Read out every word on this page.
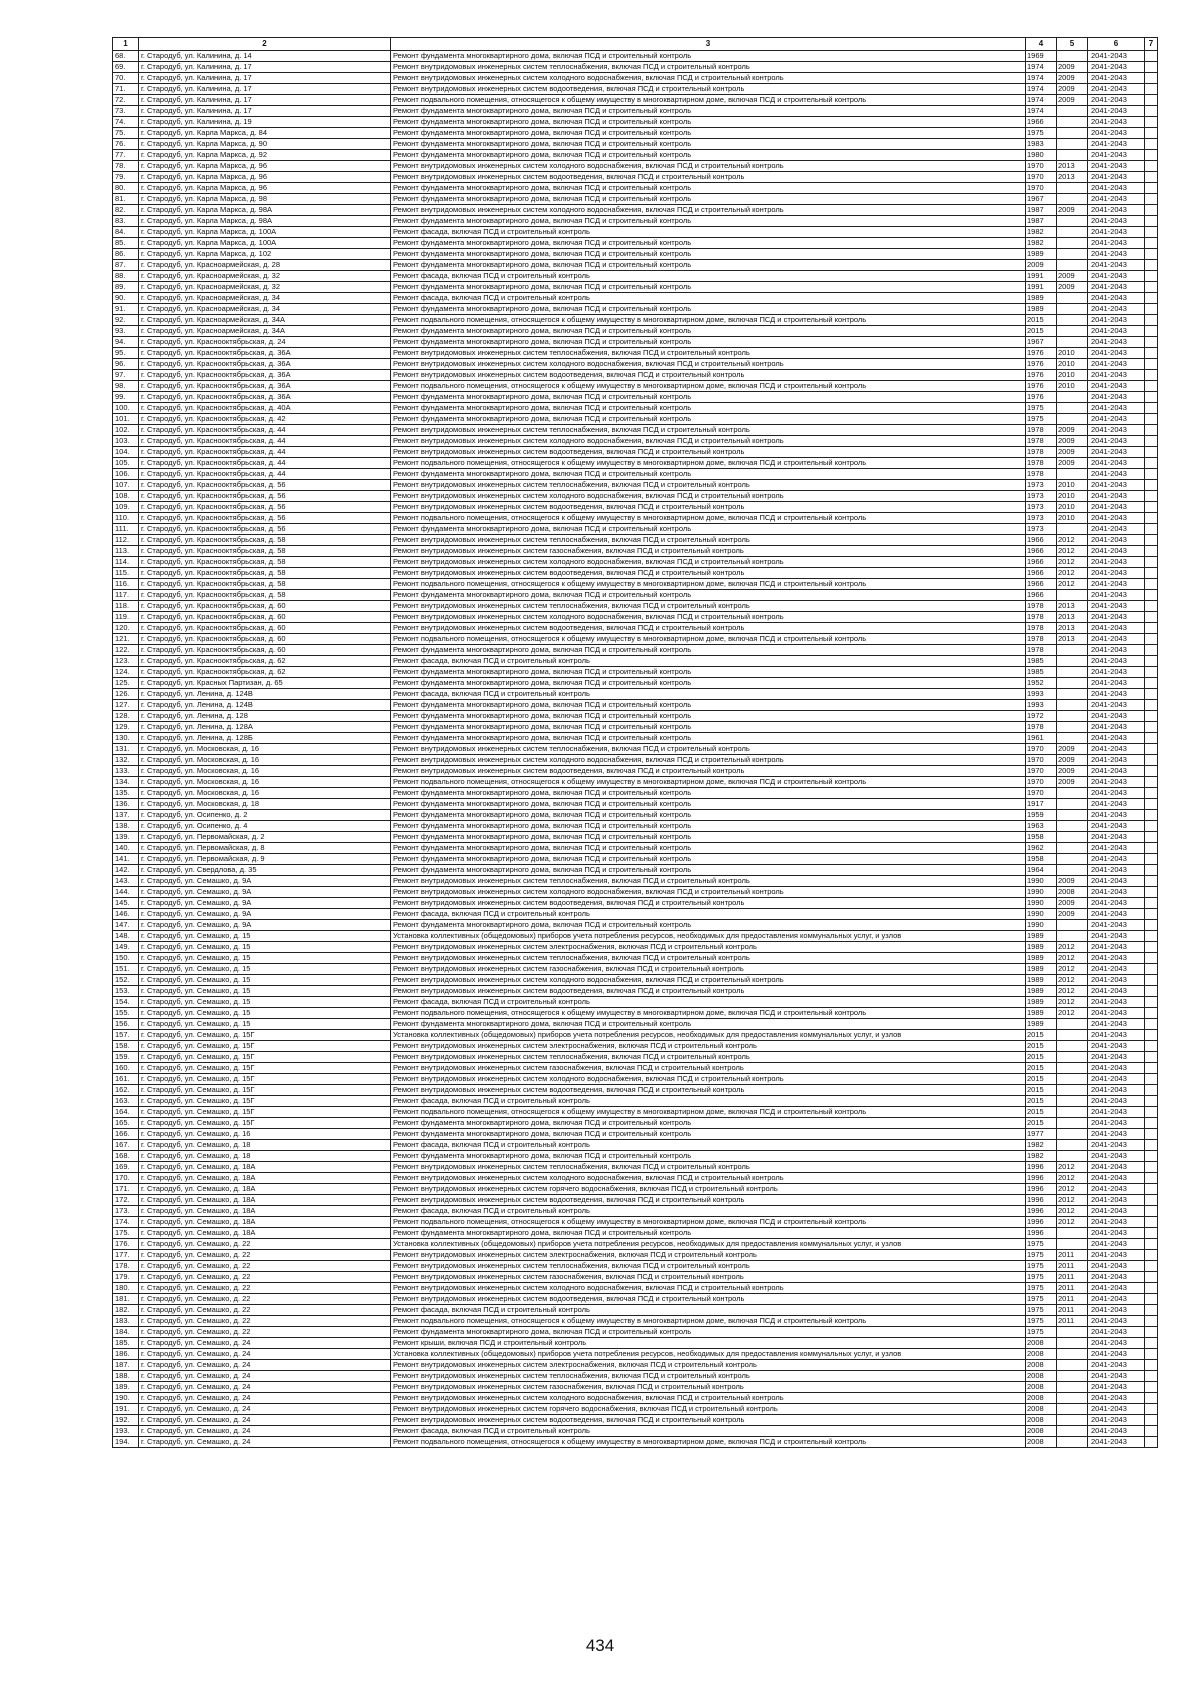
1	2	3	4	5	6	7
68.	г. Стародуб, ул. Калинина, д. 14	Ремонт фундамента многоквартирного дома, включая ПСД и строительный контроль	1969		2041-2043	
69.	г. Стародуб, ул. Калинина, д. 17	Ремонт внутридомовых инженерных систем теплоснабжения, включая ПСД и строительный контроль	1974	2009	2041-2043	
70.	г. Стародуб, ул. Калинина, д. 17	Ремонт внутридомовых инженерных систем холодного водоснабжения, включая ПСД и строительный контроль	1974	2009	2041-2043	
71.	г. Стародуб, ул. Калинина, д. 17	Ремонт внутридомовых инженерных систем водоотведения, включая ПСД и строительный контроль	1974	2009	2041-2043	
72.	г. Стародуб, ул. Калинина, д. 17	Ремонт подвального помещения, относящегося к общему имуществу в многоквартирном доме, включая ПСД и строительный контроль	1974	2009	2041-2043	
73.	г. Стародуб, ул. Калинина, д. 17	Ремонт фундамента многоквартирного дома, включая ПСД и строительный контроль	1974		2041-2043	
74.	г. Стародуб, ул. Калинина, д. 19	Ремонт фундамента многоквартирного дома, включая ПСД и строительный контроль	1966		2041-2043	
75.	г. Стародуб, ул. Карла Маркса, д. 84	Ремонт фундамента многоквартирного дома, включая ПСД и строительный контроль	1975		2041-2043	
76.	г. Стародуб, ул. Карла Маркса, д. 90	Ремонт фундамента многоквартирного дома, включая ПСД и строительный контроль	1983		2041-2043	
77.	г. Стародуб, ул. Карла Маркса, д. 92	Ремонт фундамента многоквартирного дома, включая ПСД и строительный контроль	1980		2041-2043	
78.	г. Стародуб, ул. Карла Маркса, д. 96	Ремонт внутридомовых инженерных систем холодного водоснабжения, включая ПСД и строительный контроль	1970	2013	2041-2043	
79.	г. Стародуб, ул. Карла Маркса, д. 96	Ремонт внутридомовых инженерных систем водоотведения, включая ПСД и строительный контроль	1970	2013	2041-2043	
80.	г. Стародуб, ул. Карла Маркса, д. 96	Ремонт фундамента многоквартирного дома, включая ПСД и строительный контроль	1970		2041-2043	
81.	г. Стародуб, ул. Карла Маркса, д. 98	Ремонт фундамента многоквартирного дома, включая ПСД и строительный контроль	1967		2041-2043	
82.	г. Стародуб, ул. Карла Маркса, д. 98А	Ремонт внутридомовых инженерных систем холодного водоснабжения, включая ПСД и строительный контроль	1987	2009	2041-2043	
83.	г. Стародуб, ул. Карла Маркса, д. 98А	Ремонт фундамента многоквартирного дома, включая ПСД и строительный контроль	1987		2041-2043	
84.	г. Стародуб, ул. Карла Маркса, д. 100А	Ремонт фасада, включая ПСД и строительный контроль	1982		2041-2043	
85.	г. Стародуб, ул. Карла Маркса, д. 100А	Ремонт фундамента многоквартирного дома, включая ПСД и строительный контроль	1982		2041-2043	
86.	г. Стародуб, ул. Карла Маркса, д. 102	Ремонт фундамента многоквартирного дома, включая ПСД и строительный контроль	1989		2041-2043	
87.	г. Стародуб, ул. Красноармейская, д. 28	Ремонт фундамента многоквартирного дома, включая ПСД и строительный контроль	2009		2041-2043	
88.	г. Стародуб, ул. Красноармейская, д. 32	Ремонт фасада, включая ПСД и строительный контроль	1991	2009	2041-2043	
89.	г. Стародуб, ул. Красноармейская, д. 32	Ремонт фундамента многоквартирного дома, включая ПСД и строительный контроль	1991	2009	2041-2043	
90.	г. Стародуб, ул. Красноармейская, д. 34	Ремонт фасада, включая ПСД и строительный контроль	1989		2041-2043	
91.	г. Стародуб, ул. Красноармейская, д. 34	Ремонт фундамента многоквартирного дома, включая ПСД и строительный контроль	1989		2041-2043	
92.	г. Стародуб, ул. Красноармейская, д. 34А	Ремонт подвального помещения, относящегося к общему имуществу в многоквартирном доме, включая ПСД и строительный контроль	2015		2041-2043	
93.	г. Стародуб, ул. Красноармейская, д. 34А	Ремонт фундамента многоквартирного дома, включая ПСД и строительный контроль	2015		2041-2043	
94.	г. Стародуб, ул. Краснооктябрьская, д. 24	Ремонт фундамента многоквартирного дома, включая ПСД и строительный контроль	1967		2041-2043	
95.	г. Стародуб, ул. Краснооктябрьская, д. 36А	Ремонт внутридомовых инженерных систем теплоснабжения, включая ПСД и строительный контроль	1976	2010	2041-2043	
96.	г. Стародуб, ул. Краснооктябрьская, д. 36А	Ремонт внутридомовых инженерных систем холодного водоснабжения, включая ПСД и строительный контроль	1976	2010	2041-2043	
97.	г. Стародуб, ул. Краснооктябрьская, д. 36А	Ремонт внутридомовых инженерных систем водоотведения, включая ПСД и строительный контроль	1976	2010	2041-2043	
98.	г. Стародуб, ул. Краснооктябрьская, д. 36А	Ремонт подвального помещения, относящегося к общему имуществу в многоквартирном доме, включая ПСД и строительный контроль	1976	2010	2041-2043	
99.	г. Стародуб, ул. Краснооктябрьская, д. 36А	Ремонт фундамента многоквартирного дома, включая ПСД и строительный контроль	1976		2041-2043	
100.	г. Стародуб, ул. Краснооктябрьская, д. 40А	Ремонт фундамента многоквартирного дома, включая ПСД и строительный контроль	1975		2041-2043	
101.	г. Стародуб, ул. Краснооктябрьская, д. 42	Ремонт фундамента многоквартирного дома, включая ПСД и строительный контроль	1975		2041-2043	
102.	г. Стародуб, ул. Краснооктябрьская, д. 44	Ремонт внутридомовых инженерных систем теплоснабжения, включая ПСД и строительный контроль	1978	2009	2041-2043	
103.	г. Стародуб, ул. Краснооктябрьская, д. 44	Ремонт внутридомовых инженерных систем холодного водоснабжения, включая ПСД и строительный контроль	1978	2009	2041-2043	
104.	г. Стародуб, ул. Краснооктябрьская, д. 44	Ремонт внутридомовых инженерных систем водоотведения, включая ПСД и строительный контроль	1978	2009	2041-2043	
105.	г. Стародуб, ул. Краснооктябрьская, д. 44	Ремонт подвального помещения, относящегося к общему имуществу в многоквартирном доме, включая ПСД и строительный контроль	1978	2009	2041-2043	
106.	г. Стародуб, ул. Краснооктябрьская, д. 44	Ремонт фундамента многоквартирного дома, включая ПСД и строительный контроль	1978		2041-2043	
107.	г. Стародуб, ул. Краснооктябрьская, д. 56	Ремонт внутридомовых инженерных систем теплоснабжения, включая ПСД и строительный контроль	1973	2010	2041-2043	
108.	г. Стародуб, ул. Краснооктябрьская, д. 56	Ремонт внутридомовых инженерных систем холодного водоснабжения, включая ПСД и строительный контроль	1973	2010	2041-2043	
109.	г. Стародуб, ул. Краснооктябрьская, д. 56	Ремонт внутридомовых инженерных систем водоотведения, включая ПСД и строительный контроль	1973	2010	2041-2043	
110.	г. Стародуб, ул. Краснооктябрьская, д. 56	Ремонт подвального помещения, относящегося к общему имуществу в многоквартирном доме, включая ПСД и строительный контроль	1973	2010	2041-2043	
111.	г. Стародуб, ул. Краснооктябрьская, д. 56	Ремонт фундамента многоквартирного дома, включая ПСД и строительный контроль	1973		2041-2043	
112.	г. Стародуб, ул. Краснооктябрьская, д. 58	Ремонт внутридомовых инженерных систем теплоснабжения, включая ПСД и строительный контроль	1966	2012	2041-2043	
113.	г. Стародуб, ул. Краснооктябрьская, д. 58	Ремонт внутридомовых инженерных систем газоснабжения, включая ПСД и строительный контроль	1966	2012	2041-2043	
114.	г. Стародуб, ул. Краснооктябрьская, д. 58	Ремонт внутридомовых инженерных систем холодного водоснабжения, включая ПСД и строительный контроль	1966	2012	2041-2043	
115.	г. Стародуб, ул. Краснооктябрьская, д. 58	Ремонт внутридомовых инженерных систем водоотведения, включая ПСД и строительный контроль	1966	2012	2041-2043	
116.	г. Стародуб, ул. Краснооктябрьская, д. 58	Ремонт подвального помещения, относящегося к общему имуществу в многоквартирном доме, включая ПСД и строительный контроль	1966	2012	2041-2043	
117.	г. Стародуб, ул. Краснооктябрьская, д. 58	Ремонт фундамента многоквартирного дома, включая ПСД и строительный контроль	1966		2041-2043	
118.	г. Стародуб, ул. Краснооктябрьская, д. 60	Ремонт внутридомовых инженерных систем теплоснабжения, включая ПСД и строительный контроль	1978	2013	2041-2043	
119.	г. Стародуб, ул. Краснооктябрьская, д. 60	Ремонт внутридомовых инженерных систем холодного водоснабжения, включая ПСД и строительный контроль	1978	2013	2041-2043	
120.	г. Стародуб, ул. Краснооктябрьская, д. 60	Ремонт внутридомовых инженерных систем водоотведения, включая ПСД и строительный контроль	1978	2013	2041-2043	
121.	г. Стародуб, ул. Краснооктябрьская, д. 60	Ремонт подвального помещения, относящегося к общему имуществу в многоквартирном доме, включая ПСД и строительный контроль	1978	2013	2041-2043	
122.	г. Стародуб, ул. Краснооктябрьская, д. 60	Ремонт фундамента многоквартирного дома, включая ПСД и строительный контроль	1978		2041-2043	
123.	г. Стародуб, ул. Краснооктябрьская, д. 62	Ремонт фасада, включая ПСД и строительный контроль	1985		2041-2043	
124.	г. Стародуб, ул. Краснооктябрьская, д. 62	Ремонт фундамента многоквартирного дома, включая ПСД и строительный контроль	1985		2041-2043	
125.	г. Стародуб, ул. Красных Партизан, д. 65	Ремонт фундамента многоквартирного дома, включая ПСД и строительный контроль	1952		2041-2043	
126.	г. Стародуб, ул. Ленина, д. 124В	Ремонт фасада, включая ПСД и строительный контроль	1993		2041-2043	
127.	г. Стародуб, ул. Ленина, д. 124В	Ремонт фундамента многоквартирного дома, включая ПСД и строительный контроль	1993		2041-2043	
128.	г. Стародуб, ул. Ленина, д. 128	Ремонт фундамента многоквартирного дома, включая ПСД и строительный контроль	1972		2041-2043	
129.	г. Стародуб, ул. Ленина, д. 128А	Ремонт фундамента многоквартирного дома, включая ПСД и строительный контроль	1978		2041-2043	
130.	г. Стародуб, ул. Ленина, д. 128Б	Ремонт фундамента многоквартирного дома, включая ПСД и строительный контроль	1961		2041-2043	
131.	г. Стародуб, ул. Московская, д. 16	Ремонт внутридомовых инженерных систем теплоснабжения, включая ПСД и строительный контроль	1970	2009	2041-2043	
132.	г. Стародуб, ул. Московская, д. 16	Ремонт внутридомовых инженерных систем холодного водоснабжения, включая ПСД и строительный контроль	1970	2009	2041-2043	
133.	г. Стародуб, ул. Московская, д. 16	Ремонт внутридомовых инженерных систем водоотведения, включая ПСД и строительный контроль	1970	2009	2041-2043	
134.	г. Стародуб, ул. Московская, д. 16	Ремонт подвального помещения, относящегося к общему имуществу в многоквартирном доме, включая ПСД и строительный контроль	1970	2009	2041-2043	
135.	г. Стародуб, ул. Московская, д. 16	Ремонт фундамента многоквартирного дома, включая ПСД и строительный контроль	1970		2041-2043	
136.	г. Стародуб, ул. Московская, д. 18	Ремонт фундамента многоквартирного дома, включая ПСД и строительный контроль	1917		2041-2043	
137.	г. Стародуб, ул. Осипенко, д. 2	Ремонт фундамента многоквартирного дома, включая ПСД и строительный контроль	1959		2041-2043	
138.	г. Стародуб, ул. Осипенко, д. 4	Ремонт фундамента многоквартирного дома, включая ПСД и строительный контроль	1963		2041-2043	
139.	г. Стародуб, ул. Первомайская, д. 2	Ремонт фундамента многоквартирного дома, включая ПСД и строительный контроль	1958		2041-2043	
140.	г. Стародуб, ул. Первомайская, д. 8	Ремонт фундамента многоквартирного дома, включая ПСД и строительный контроль	1962		2041-2043	
141.	г. Стародуб, ул. Первомайская, д. 9	Ремонт фундамента многоквартирного дома, включая ПСД и строительный контроль	1958		2041-2043	
142.	г. Стародуб, ул. Свердлова, д. 35	Ремонт фундамента многоквартирного дома, включая ПСД и строительный контроль	1964		2041-2043	
143.	г. Стародуб, ул. Семашко, д. 9А	Ремонт внутридомовых инженерных систем теплоснабжения, включая ПСД и строительный контроль	1990	2009	2041-2043	
144.	г. Стародуб, ул. Семашко, д. 9А	Ремонт внутридомовых инженерных систем холодного водоснабжения, включая ПСД и строительный контроль	1990	2008	2041-2043	
145.	г. Стародуб, ул. Семашко, д. 9А	Ремонт внутридомовых инженерных систем водоотведения, включая ПСД и строительный контроль	1990	2009	2041-2043	
146.	г. Стародуб, ул. Семашко, д. 9А	Ремонт фасада, включая ПСД и строительный контроль	1990	2009	2041-2043	
147.	г. Стародуб, ул. Семашко, д. 9А	Ремонт фундамента многоквартирного дома, включая ПСД и строительный контроль	1990		2041-2043	
148.	г. Стародуб, ул. Семашко, д. 15	Установка коллективных (общедомовых) приборов учета потребления ресурсов, необходимых для предоставления коммунальных услуг, и узлов	1989		2041-2043	
149.	г. Стародуб, ул. Семашко, д. 15	Ремонт внутридомовых инженерных систем электроснабжения, включая ПСД и строительный контроль	1989	2012	2041-2043	
150.	г. Стародуб, ул. Семашко, д. 15	Ремонт внутридомовых инженерных систем теплоснабжения, включая ПСД и строительный контроль	1989	2012	2041-2043	
151.	г. Стародуб, ул. Семашко, д. 15	Ремонт внутридомовых инженерных систем газоснабжения, включая ПСД и строительный контроль	1989	2012	2041-2043	
152.	г. Стародуб, ул. Семашко, д. 15	Ремонт внутридомовых инженерных систем холодного водоснабжения, включая ПСД и строительный контроль	1989	2012	2041-2043	
153.	г. Стародуб, ул. Семашко, д. 15	Ремонт внутридомовых инженерных систем водоотведения, включая ПСД и строительный контроль	1989	2012	2041-2043	
154.	г. Стародуб, ул. Семашко, д. 15	Ремонт фасада, включая ПСД и строительный контроль	1989	2012	2041-2043	
155.	г. Стародуб, ул. Семашко, д. 15	Ремонт подвального помещения, относящегося к общему имуществу в многоквартирном доме, включая ПСД и строительный контроль	1989	2012	2041-2043	
156.	г. Стародуб, ул. Семашко, д. 15	Ремонт фундамента многоквартирного дома, включая ПСД и строительный контроль	1989		2041-2043	
157.	г. Стародуб, ул. Семашко, д. 15Г	Установка коллективных (общедомовых) приборов учета потребления ресурсов, необходимых для предоставления коммунальных услуг, и узлов	2015		2041-2043	
158.	г. Стародуб, ул. Семашко, д. 15Г	Ремонт внутридомовых инженерных систем электроснабжения, включая ПСД и строительный контроль	2015		2041-2043	
159.	г. Стародуб, ул. Семашко, д. 15Г	Ремонт внутридомовых инженерных систем теплоснабжения, включая ПСД и строительный контроль	2015		2041-2043	
160.	г. Стародуб, ул. Семашко, д. 15Г	Ремонт внутридомовых инженерных систем газоснабжения, включая ПСД и строительный контроль	2015		2041-2043	
161.	г. Стародуб, ул. Семашко, д. 15Г	Ремонт внутридомовых инженерных систем холодного водоснабжения, включая ПСД и строительный контроль	2015		2041-2043	
162.	г. Стародуб, ул. Семашко, д. 15Г	Ремонт внутридомовых инженерных систем водоотведения, включая ПСД и строительный контроль	2015		2041-2043	
163.	г. Стародуб, ул. Семашко, д. 15Г	Ремонт фасада, включая ПСД и строительный контроль	2015		2041-2043	
164.	г. Стародуб, ул. Семашко, д. 15Г	Ремонт подвального помещения, относящегося к общему имуществу в многоквартирном доме, включая ПСД и строительный контроль	2015		2041-2043	
165.	г. Стародуб, ул. Семашко, д. 15Г	Ремонт фундамента многоквартирного дома, включая ПСД и строительный контроль	2015		2041-2043	
166.	г. Стародуб, ул. Семашко, д. 16	Ремонт фундамента многоквартирного дома, включая ПСД и строительный контроль	1977		2041-2043	
167.	г. Стародуб, ул. Семашко, д. 18	Ремонт фасада, включая ПСД и строительный контроль	1982		2041-2043	
168.	г. Стародуб, ул. Семашко, д. 18	Ремонт фундамента многоквартирного дома, включая ПСД и строительный контроль	1982		2041-2043	
169.	г. Стародуб, ул. Семашко, д. 18А	Ремонт внутридомовых инженерных систем теплоснабжения, включая ПСД и строительный контроль	1996	2012	2041-2043	
170.	г. Стародуб, ул. Семашко, д. 18А	Ремонт внутридомовых инженерных систем холодного водоснабжения, включая ПСД и строительный контроль	1996	2012	2041-2043	
171.	г. Стародуб, ул. Семашко, д. 18А	Ремонт внутридомовых инженерных систем горячего водоснабжения, включая ПСД и строительный контроль	1996	2012	2041-2043	
172.	г. Стародуб, ул. Семашко, д. 18А	Ремонт внутридомовых инженерных систем водоотведения, включая ПСД и строительный контроль	1996	2012	2041-2043	
173.	г. Стародуб, ул. Семашко, д. 18А	Ремонт фасада, включая ПСД и строительный контроль	1996	2012	2041-2043	
174.	г. Стародуб, ул. Семашко, д. 18А	Ремонт подвального помещения, относящегося к общему имуществу в многоквартирном доме, включая ПСД и строительный контроль	1996	2012	2041-2043	
175.	г. Стародуб, ул. Семашко, д. 18А	Ремонт фундамента многоквартирного дома, включая ПСД и строительный контроль	1996		2041-2043	
176.	г. Стародуб, ул. Семашко, д. 22	Установка коллективных (общедомовых) приборов учета потребления ресурсов, необходимых для предоставления коммунальных услуг, и узлов	1975		2041-2043	
177.	г. Стародуб, ул. Семашко, д. 22	Ремонт внутридомовых инженерных систем электроснабжения, включая ПСД и строительный контроль	1975	2011	2041-2043	
178.	г. Стародуб, ул. Семашко, д. 22	Ремонт внутридомовых инженерных систем теплоснабжения, включая ПСД и строительный контроль	1975	2011	2041-2043	
179.	г. Стародуб, ул. Семашко, д. 22	Ремонт внутридомовых инженерных систем газоснабжения, включая ПСД и строительный контроль	1975	2011	2041-2043	
180.	г. Стародуб, ул. Семашко, д. 22	Ремонт внутридомовых инженерных систем холодного водоснабжения, включая ПСД и строительный контроль	1975	2011	2041-2043	
181.	г. Стародуб, ул. Семашко, д. 22	Ремонт внутридомовых инженерных систем водоотведения, включая ПСД и строительный контроль	1975	2011	2041-2043	
182.	г. Стародуб, ул. Семашко, д. 22	Ремонт фасада, включая ПСД и строительный контроль	1975	2011	2041-2043	
183.	г. Стародуб, ул. Семашко, д. 22	Ремонт подвального помещения, относящегося к общему имуществу в многоквартирном доме, включая ПСД и строительный контроль	1975	2011	2041-2043	
184.	г. Стародуб, ул. Семашко, д. 22	Ремонт фундамента многоквартирного дома, включая ПСД и строительный контроль	1975		2041-2043	
185.	г. Стародуб, ул. Семашко, д. 24	Ремонт крыши, включая ПСД и строительный контроль	2008		2041-2043	
186.	г. Стародуб, ул. Семашко, д. 24	Установка коллективных (общедомовых) приборов учета потребления ресурсов, необходимых для предоставления коммунальных услуг, и узлов	2008		2041-2043	
187.	г. Стародуб, ул. Семашко, д. 24	Ремонт внутридомовых инженерных систем электроснабжения, включая ПСД и строительный контроль	2008		2041-2043	
188.	г. Стародуб, ул. Семашко, д. 24	Ремонт внутридомовых инженерных систем теплоснабжения, включая ПСД и строительный контроль	2008		2041-2043	
189.	г. Стародуб, ул. Семашко, д. 24	Ремонт внутридомовых инженерных систем газоснабжения, включая ПСД и строительный контроль	2008		2041-2043	
190.	г. Стародуб, ул. Семашко, д. 24	Ремонт внутридомовых инженерных систем холодного водоснабжения, включая ПСД и строительный контроль	2008		2041-2043	
191.	г. Стародуб, ул. Семашко, д. 24	Ремонт внутридомовых инженерных систем горячего водоснабжения, включая ПСД и строительный контроль	2008		2041-2043	
192.	г. Стародуб, ул. Семашко, д. 24	Ремонт внутридомовых инженерных систем водоотведения, включая ПСД и строительный контроль	2008		2041-2043	
193.	г. Стародуб, ул. Семашко, д. 24	Ремонт фасада, включая ПСД и строительный контроль	2008		2041-2043	
194.	г. Стародуб, ул. Семашко, д. 24	Ремонт подвального помещения, относящегося к общему имуществу в многоквартирном доме, включая ПСД и строительный контроль	2008		2041-2043	
434
